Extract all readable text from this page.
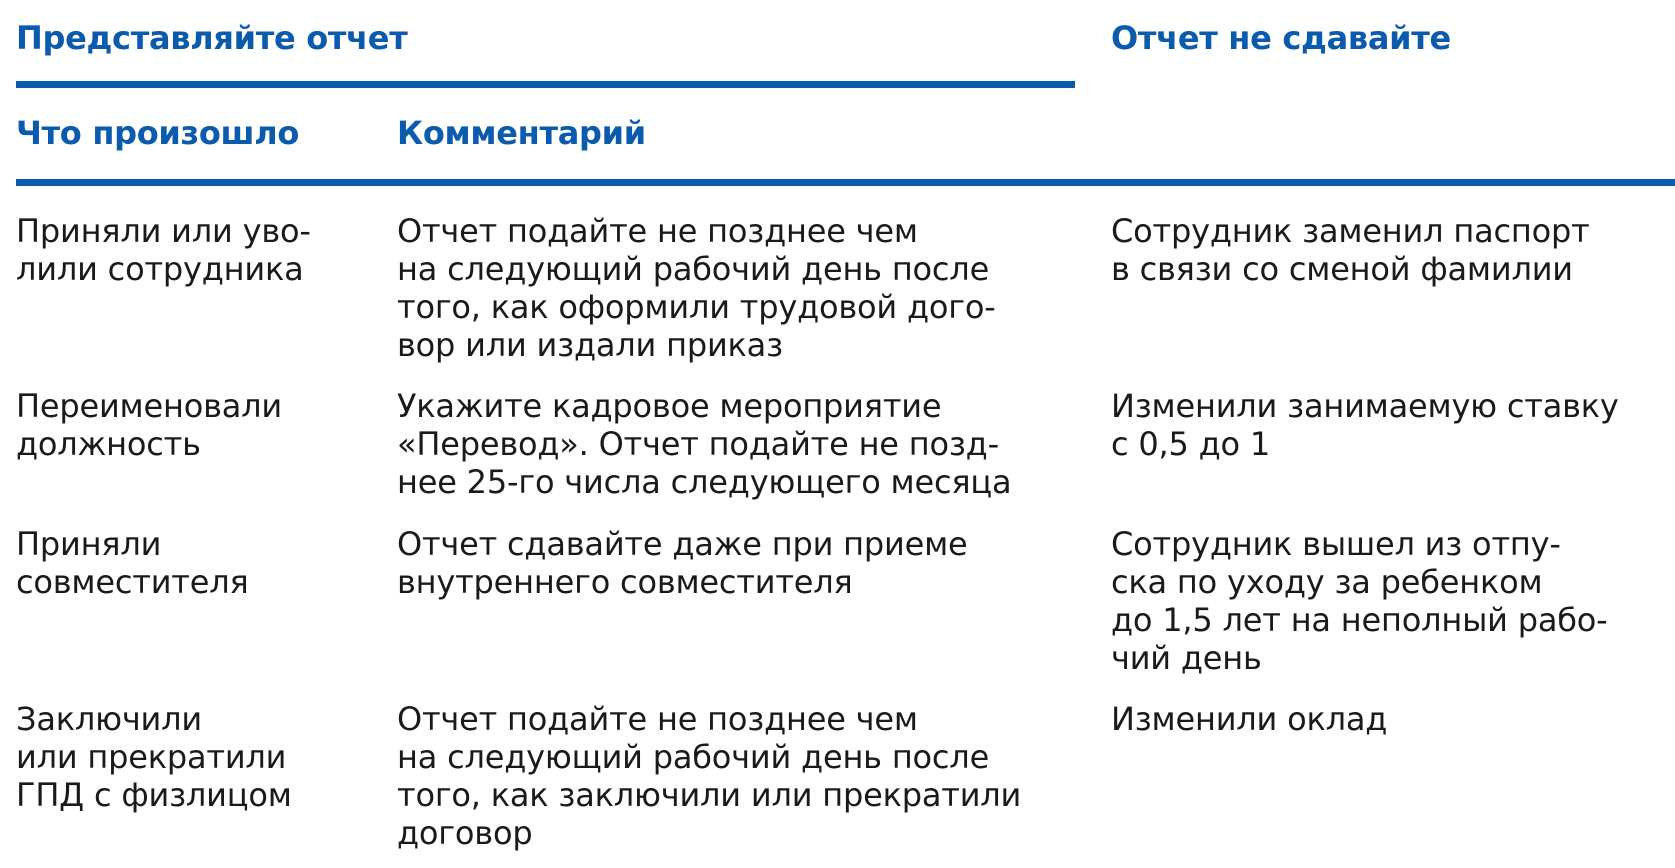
Представляйте отчет	Отчет не сдавайте
Что произошло	Комментарий

Приняли или уво-
лили сотрудника

Отчет подайте не позднее чем
на следующий рабочий день после
того, как оформили трудовой дого-
вор или издали приказ

Сотрудник заменил паспорт
в связи со сменой фамилии

Переименовали
должность

Укажите кадровое мероприятие
«Перевод». Отчет подайте не позд-
нее 25-го числа следующего месяца

Изменили занимаемую ставку
с 0,5 до 1

Приняли
совместителя

Отчет сдавайте даже при приеме
внутреннего совместителя

Сотрудник вышел из отпу-
ска по уходу за ребенком
до 1,5 лет на неполный рабо-
чий день

Заключили
или прекратили
ГПД с физлицом

Отчет подайте не позднее чем
на следующий рабочий день после
того, как заключили или прекратили
договор

Изменили оклад
